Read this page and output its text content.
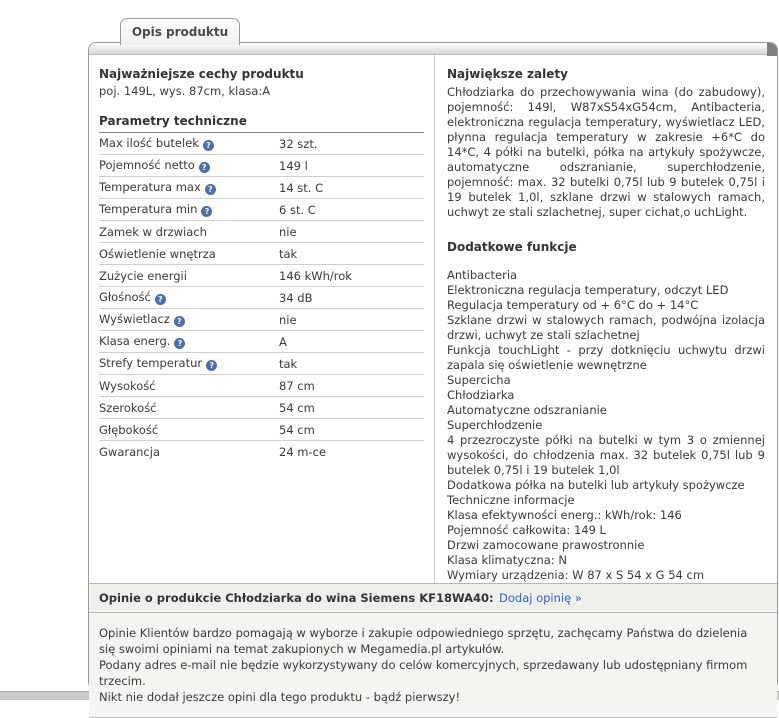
Opis produktu
Najważniejsze cechy produktu

poj. 149L, wys. 87cm, klasa:A

Parametry techniczne
Max ilość butelek ?	32 szt.
Pojemność netto ?	149 l
Temperatura max ?	14 st. C
Temperatura min ?	6 st. C
Zamek w drzwiach	nie
Oświetlenie wnętrza	tak
Zużycie energii	146 kWh/rok
Głośność ?	34 dB
Wyświetlacz ?	nie
Klasa energ. ?	A
Strefy temperatur ?	tak
Wysokość	87 cm
Szerokość	54 cm
Głębokość	54 cm
Gwarancja	24 m-ce
Największe zalety

Chłodziarka do przechowywania wina (do zabudowy), pojemność: 149l, W87xS54xG54cm, Antibacteria, elektroniczna regulacja temperatury, wyświetlacz LED, płynna regulacja temperatury w zakresie +6*C do 14*C, 4 półki na butelki, półka na artykuły spożywcze, automatyczne odszranianie, superchłodzenie, pojemność: max. 32 butelki 0,75l lub 9 butelek 0,75l i 19 butelek 1,0l, szklane drzwi w stalowych ramach, uchwyt ze stali szlachetnej, super cichat,o uchLight.

Dodatkowe funkcje
Antibacteria
Elektroniczna regulacja temperatury, odczyt LED
Regulacja temperatury od + 6°C do + 14°C
Szklane drzwi w stalowych ramach, podwójna izolacja drzwi, uchwyt ze stali szlachetnej
Funkcja touchLight - przy dotknięciu uchwytu drzwi zapala się oświetlenie wewnętrzne
Supercicha
Chłodziarka
Automatyczne odszranianie
Superchłodzenie
4 przezroczyste półki na butelki w tym 3 o zmiennej wysokości, do chłodzenia max. 32 butelek 0,75l lub 9 butelek 0,75l i 19 butelek 1,0l
Dodatkowa półka na butelki lub artykuły spożywcze
Techniczne informacje
Klasa efektywności energ.: kWh/rok: 146
Pojemność całkowita: 149 L
Drzwi zamocowane prawostronnie
Klasa klimatyczna: N
Wymiary urządzenia: W 87 x S 54 x G 54 cm
Opinie o produkcie Chłodziarka do wina Siemens KF18WA40: Dodaj opinię »
Opinie Klientów bardzo pomagają w wyborze i zakupie odpowiedniego sprzętu, zachęcamy Państwa do dzielenia się swoimi opiniami na temat zakupionych w Megamedia.pl artykułów.
Podany adres e-mail nie będzie wykorzystywany do celów komercyjnych, sprzedawany lub udostępniany firmom trzecim.
Nikt nie dodał jeszcze opini dla tego produktu - bądź pierwszy!
